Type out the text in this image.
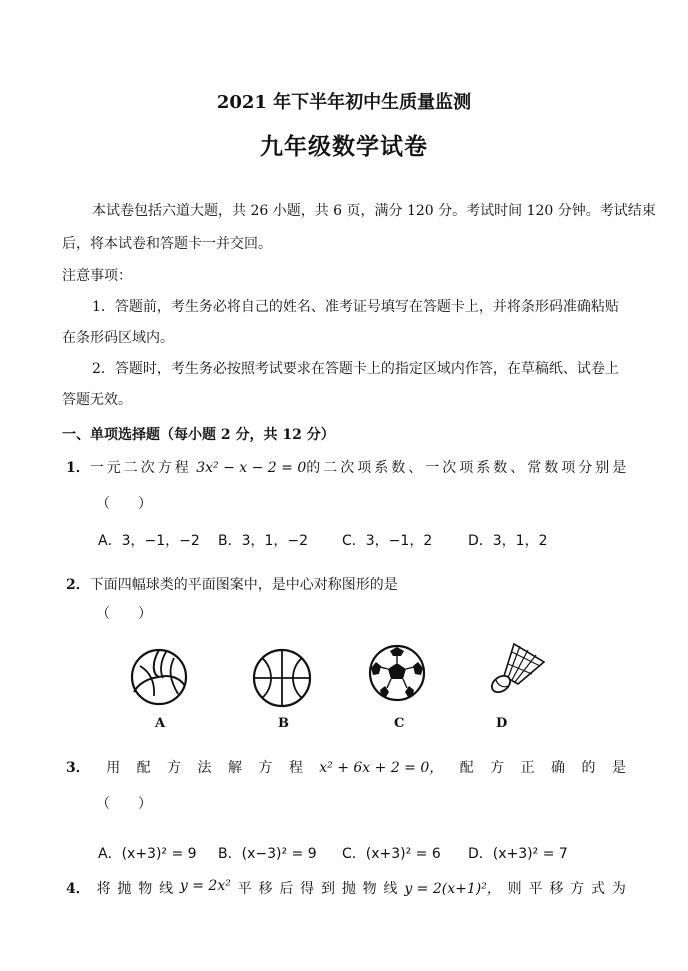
2021 年下半年初中生质量监测
九年级数学试卷
本试卷包括六道大题，共 26 小题，共 6 页，满分 120 分。考试时间 120 分钟。考试结束
后，将本试卷和答题卡一并交回。
注意事项：
1．答题前，考生务必将自己的姓名、准考证号填写在答题卡上，并将条形码准确粘贴
在条形码区域内。
2．答题时，考生务必按照考试要求在答题卡上的指定区域内作答，在草稿纸、试卷上
答题无效。
一、单项选择题（每小题 2 分，共 12 分）
1．一元二次方程 3x² − x − 2 = 0的二次项系数、一次项系数、常数项分别是
（　　）
A．3，−1，−2 B．3，1，−2 C．3，−1，2	D．3，1，2
2．下面四幅球类的平面图案中，是中心对称图形的是
（　　）
A	B	C	D
3． 用 配 方 法 解 方 程 x² + 6x + 2 = 0， 配 方 正 确 的 是
（　　）
A．(x+3)² = 9 B．(x−3)² = 9 C．(x+3)² = 6 D．(x+3)² = 7
4． 将 抛 物 线 y = 2x² 平 移 后 得 到 抛 物 线 y = 2(x+1)²， 则 平 移 方 式 为
